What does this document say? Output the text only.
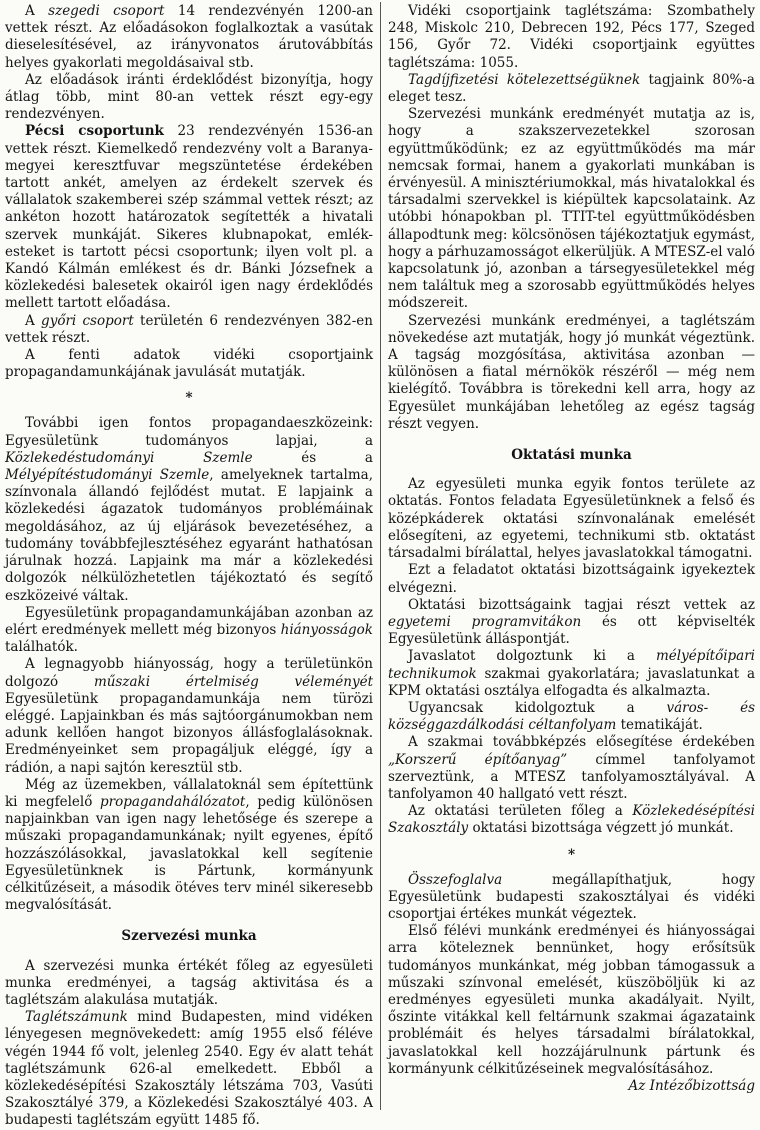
A szegedi csoport 14 rendezvényén 1200-an vettek részt. Az előadásokon foglalkoztak a vasútak dieselesítésével, az irányvonatos árutovábbítás helyes gyakorlati megoldásaival stb.

Az előadások iránti érdeklődést bizonyítja, hogy átlag több, mint 80-an vettek részt egy-egy rendezvényen.

Pécsi csoportunk 23 rendezvényén 1536-an vettek részt. Kiemelkedő rendezvény volt a Baranya-megyei keresztfuvar megszüntetése érdekében tartott ankét, amelyen az érdekelt szervek és vállalatok szakemberei szép számmal vettek részt; az ankéton hozott határozatok segítették a hivatali szervek munkáját. Sikeres klubnapokat, emlék-esteket is tartott pécsi csoportunk; ilyen volt pl. a Kandó Kálmán emlékest és dr. Bánki Józsefnek a közlekedési balesetek okairól igen nagy érdeklődés mellett tartott előadása.

A győri csoport területén 6 rendezvényen 382-en vettek részt.

A fenti adatok vidéki csoportjaink propagandamunkájának javulását mutatják.

*

További igen fontos propagandaeszközeink: Egyesületünk tudományos lapjai, a Közlekedéstudományi Szemle és a Mélyépítéstudományi Szemle, amelyeknek tartalma, színvonala állandó fejlődést mutat. E lapjaink a közlekedési ágazatok tudományos problémáinak megoldásához, az új eljárások bevezetéséhez, a tudomány továbbfejlesztéséhez egyaránt hathatósan járulnak hozzá. Lapjaink ma már a közlekedési dolgozók nélkülözhetetlen tájékoztató és segítő eszközeivé váltak.

Egyesületünk propagandamunkájában azonban az elért eredmények mellett még bizonyos hiányosságok találhatók.

A legnagyobb hiányosság, hogy a területünkön dolgozó műszaki értelmiség véleményét Egyesületünk propagandamunkája nem türözi eléggé. Lapjainkban és más sajtóorgánumokban nem adunk kellően hangot bizonyos állásfoglalásoknak. Eredményeinket sem propagáljuk eléggé, így a rádión, a napi sajtón keresztül stb.

Még az üzemekben, vállalatoknál sem építettünk ki megfelelő propagandahálózatot, pedig különösen napjainkban van igen nagy lehetősége és szerepe a műszaki propagandamunkának; nyilt egyenes, építő hozzászólásokkal, javaslatokkal kell segítenie Egyesületünknek is Pártunk, kormányunk célkitűzéseit, a második ötéves terv minél sikeresebb megvalósítását.

Szervezési munka

A szervezési munka értékét főleg az egyesületi munka eredményei, a tagság aktivitása és a taglétszám alakulása mutatják.

Taglétszámunk mind Budapesten, mind vidéken lényegesen megnövekedett: amíg 1955 első féléve végén 1944 fő volt, jelenleg 2540. Egy év alatt tehát taglétszámunk 626-al emelkedett. Ebből a közlekedésépítési Szakosztály létszáma 703, Vasúti Szakosztályé 379, a Közlekedési Szakosztályé 403. A budapesti taglétszám együtt 1485 fő.

Vidéki csoportjaink taglétszáma: Szombathely 248, Miskolc 210, Debrecen 192, Pécs 177, Szeged 156, Győr 72. Vidéki csoportjaink együttes taglétszáma: 1055.

Tagdíjfizetési kötelezettségüknek tagjaink 80%-a eleget tesz.

Szervezési munkánk eredményét mutatja az is, hogy a szakszervezetekkel szorosan együttműködünk; ez az együttműködés ma már nemcsak formai, hanem a gyakorlati munkában is érvényesül. A minisztériumokkal, más hivatalokkal és társadalmi szervekkel is kiépültek kapcsolataink. Az utóbbi hónapokban pl. TTIT-tel együttműködésben állapodtunk meg: kölcsönösen tájékoztatjuk egymást, hogy a párhuzamosságot elkerüljük. A MTESZ-el való kapcsolatunk jó, azonban a társegyesületekkel még nem találtuk meg a szorosabb együttműködés helyes módszereit.

Szervezési munkánk eredményei, a taglétszám növekedése azt mutatják, hogy jó munkát végeztünk. A tagság mozgósítása, aktivitása azonban — különösen a fiatal mérnökök részéről — még nem kielégítő. Továbbra is törekedni kell arra, hogy az Egyesület munkájában lehetőleg az egész tagság részt vegyen.

Oktatási munka

Az egyesületi munka egyik fontos területe az oktatás. Fontos feladata Egyesületünknek a felső és középkáderek oktatási színvonalának emelését elősegíteni, az egyetemi, technikumi stb. oktatást társadalmi bírálattal, helyes javaslatokkal támogatni.

Ezt a feladatot oktatási bizottságaink igyekeztek elvégezni.

Oktatási bizottságaink tagjai részt vettek az egyetemi programvitákon és ott képviselték Egyesületünk álláspontját.

Javaslatot dolgoztunk ki a mélyépítőipari technikumok szakmai gyakorlatára; javaslatunkat a KPM oktatási osztálya elfogadta és alkalmazta.

Ugyancsak kidolgoztuk a város- és községgazdálkodási céltanfolyam tematikáját.

A szakmai továbbképzés elősegítése érdekében „Korszerű építőanyag” címmel tanfolyamot szerveztünk, a MTESZ tanfolyamosztályával. A tanfolyamon 40 hallgató vett részt.

Az oktatási területen főleg a Közlekedésépítési Szakosztály oktatási bizottsága végzett jó munkát.

*

Összefoglalva megállapíthatjuk, hogy Egyesületünk budapesti szakosztályai és vidéki csoportjai értékes munkát végeztek.

Első félévi munkánk eredményei és hiányosságai arra köteleznek bennünket, hogy erősítsük tudományos munkánkat, még jobban támogassuk a műszaki színvonal emelését, küszöböljük ki az eredményes egyesületi munka akadályait. Nyilt, őszinte vitákkal kell feltárnunk szakmai ágazataink problémáit és helyes társadalmi bírálatokkal, javaslatokkal kell hozzájárulnunk pártunk és kormányunk célkitűzéseinek megvalósításához.

Az Intézőbizottság
